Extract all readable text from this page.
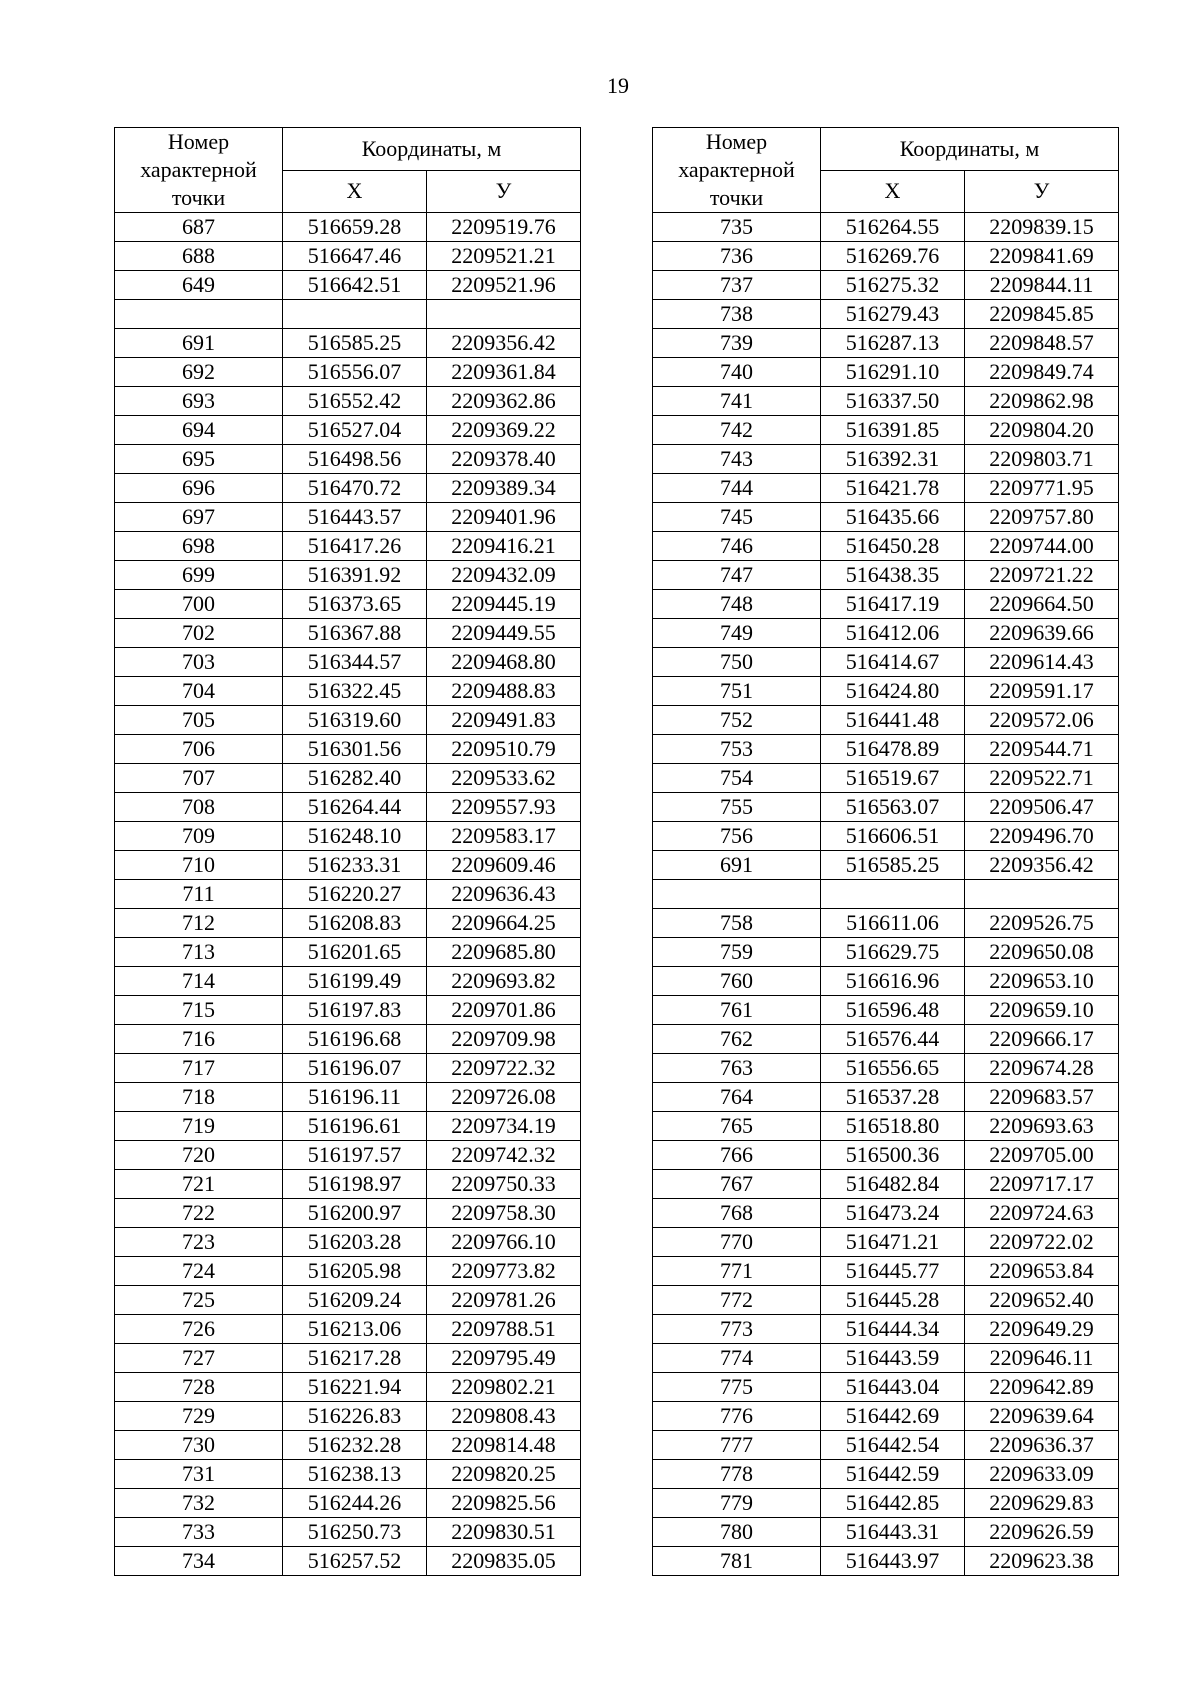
19
Номер
характерной
точки	Координаты, м	
	X	У
687	516659.28	2209519.76
688	516647.46	2209521.21
649	516642.51	2209521.96

691	516585.25	2209356.42
692	516556.07	2209361.84
693	516552.42	2209362.86
694	516527.04	2209369.22
695	516498.56	2209378.40
696	516470.72	2209389.34
697	516443.57	2209401.96
698	516417.26	2209416.21
699	516391.92	2209432.09
700	516373.65	2209445.19
702	516367.88	2209449.55
703	516344.57	2209468.80
704	516322.45	2209488.83
705	516319.60	2209491.83
706	516301.56	2209510.79
707	516282.40	2209533.62
708	516264.44	2209557.93
709	516248.10	2209583.17
710	516233.31	2209609.46
711	516220.27	2209636.43
712	516208.83	2209664.25
713	516201.65	2209685.80
714	516199.49	2209693.82
715	516197.83	2209701.86
716	516196.68	2209709.98
717	516196.07	2209722.32
718	516196.11	2209726.08
719	516196.61	2209734.19
720	516197.57	2209742.32
721	516198.97	2209750.33
722	516200.97	2209758.30
723	516203.28	2209766.10
724	516205.98	2209773.82
725	516209.24	2209781.26
726	516213.06	2209788.51
727	516217.28	2209795.49
728	516221.94	2209802.21
729	516226.83	2209808.43
730	516232.28	2209814.48
731	516238.13	2209820.25
732	516244.26	2209825.56
733	516250.73	2209830.51
734	516257.52	2209835.05
Номер
характерной
точки	Координаты, м	
	X	У
735	516264.55	2209839.15
736	516269.76	2209841.69
737	516275.32	2209844.11
738	516279.43	2209845.85
739	516287.13	2209848.57
740	516291.10	2209849.74
741	516337.50	2209862.98
742	516391.85	2209804.20
743	516392.31	2209803.71
744	516421.78	2209771.95
745	516435.66	2209757.80
746	516450.28	2209744.00
747	516438.35	2209721.22
748	516417.19	2209664.50
749	516412.06	2209639.66
750	516414.67	2209614.43
751	516424.80	2209591.17
752	516441.48	2209572.06
753	516478.89	2209544.71
754	516519.67	2209522.71
755	516563.07	2209506.47
756	516606.51	2209496.70
691	516585.25	2209356.42

758	516611.06	2209526.75
759	516629.75	2209650.08
760	516616.96	2209653.10
761	516596.48	2209659.10
762	516576.44	2209666.17
763	516556.65	2209674.28
764	516537.28	2209683.57
765	516518.80	2209693.63
766	516500.36	2209705.00
767	516482.84	2209717.17
768	516473.24	2209724.63
770	516471.21	2209722.02
771	516445.77	2209653.84
772	516445.28	2209652.40
773	516444.34	2209649.29
774	516443.59	2209646.11
775	516443.04	2209642.89
776	516442.69	2209639.64
777	516442.54	2209636.37
778	516442.59	2209633.09
779	516442.85	2209629.83
780	516443.31	2209626.59
781	516443.97	2209623.38
